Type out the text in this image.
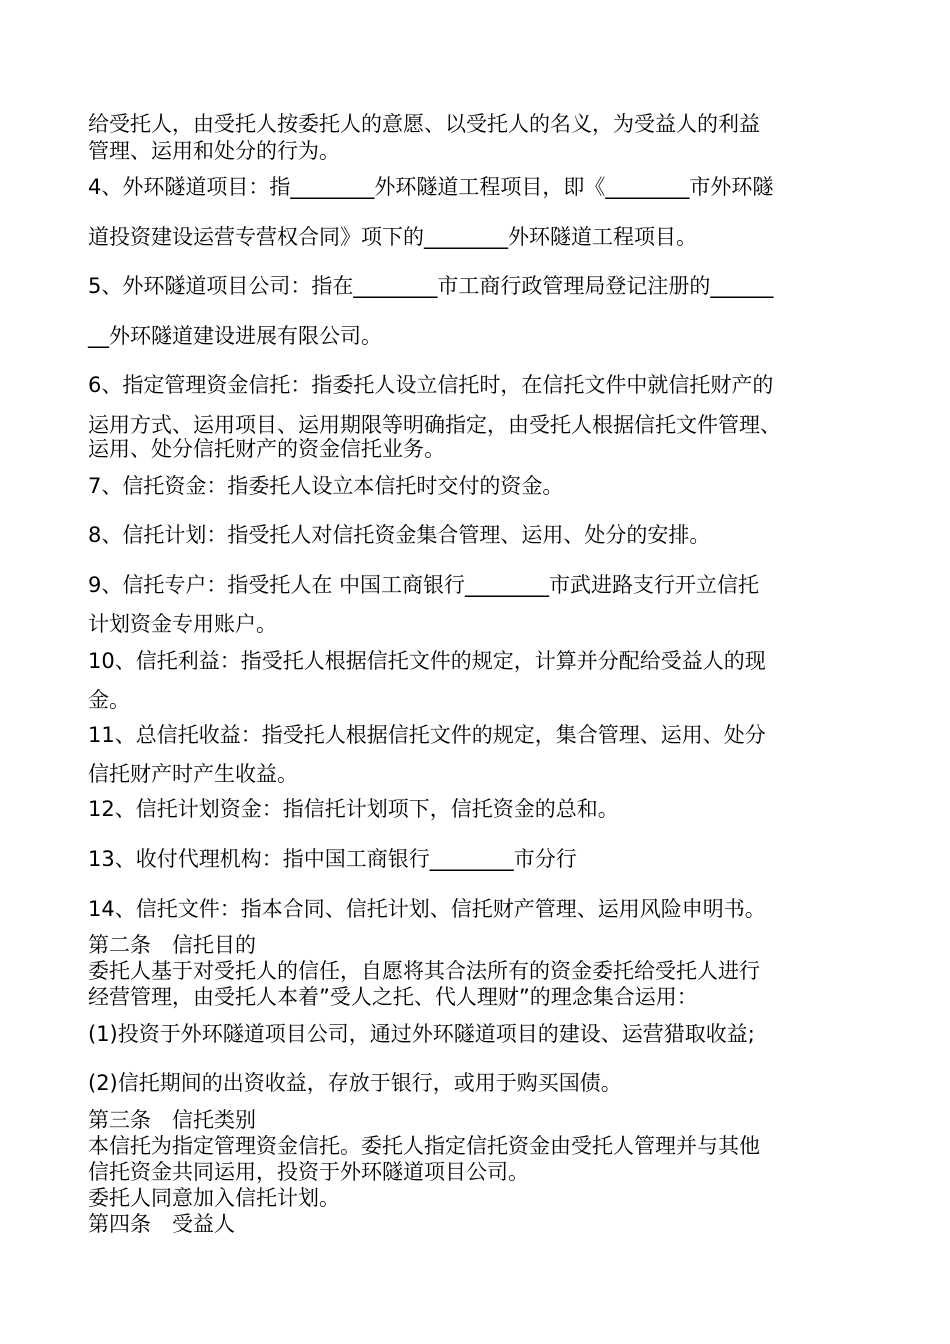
给受托人，由受托人按委托人的意愿、以受托人的名义，为受益人的利益
管理、运用和处分的行为。
4、外环隧道项目：指________外环隧道工程项目，即《________市外环隧
道投资建设运营专营权合同》项下的________外环隧道工程项目。
5、外环隧道项目公司：指在________市工商行政管理局登记注册的______
__外环隧道建设进展有限公司。
6、指定管理资金信托：指委托人设立信托时，在信托文件中就信托财产的
运用方式、运用项目、运用期限等明确指定，由受托人根据信托文件管理、
运用、处分信托财产的资金信托业务。
7、信托资金：指委托人设立本信托时交付的资金。
8、信托计划：指受托人对信托资金集合管理、运用、处分的安排。
9、信托专户：指受托人在 中国工商银行________市武进路支行开立信托
计划资金专用账户。
10、信托利益：指受托人根据信托文件的规定，计算并分配给受益人的现
金。
11、总信托收益：指受托人根据信托文件的规定，集合管理、运用、处分
信托财产时产生收益。
12、信托计划资金：指信托计划项下，信托资金的总和。
13、收付代理机构：指中国工商银行________市分行
14、信托文件：指本合同、信托计划、信托财产管理、运用风险申明书。
第二条　信托目的
委托人基于对受托人的信任，自愿将其合法所有的资金委托给受托人进行
经营管理，由受托人本着”受人之托、代人理财”的理念集合运用：
(1)投资于外环隧道项目公司，通过外环隧道项目的建设、运营猎取收益;
(2)信托期间的出资收益，存放于银行，或用于购买国债。
第三条　信托类别
本信托为指定管理资金信托。委托人指定信托资金由受托人管理并与其他
信托资金共同运用，投资于外环隧道项目公司。
委托人同意加入信托计划。
第四条　受益人
